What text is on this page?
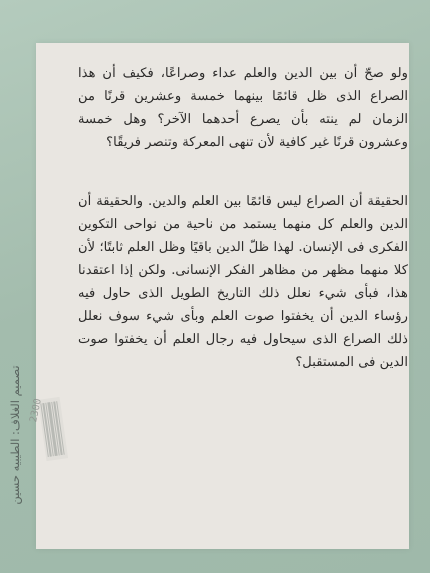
ولو صحّ أن بين الدين والعلم عداء وصراعًا، فكيف أن هذا الصراع الذى ظل قائمًا بينهما خمسة وعشرين قرنًا من الزمان لم ينته بأن يصرع أحدهما الآخر؟ وهل خمسة وعشرون قرنًا غير كافية لأن تنهى المعركة وتنصر فريقًا؟

الحقيقة أن الصراع ليس قائمًا بين العلم والدين. والحقيقة أن الدين والعلم كل منهما يستمد من ناحية من نواحى التكوين الفكرى فى الإنسان. لهذا ظلّ الدين باقيًا وظل العلم ثابتًا؛ لأن كلا منهما مظهر من مظاهر الفكر الإنسانى. ولكن إذا اعتقدنا هذا، فبأى شيء نعلل ذلك التاريخ الطويل الذى حاول فيه رؤساء الدين أن يخفتوا صوت العلم وبأى شيء سوف نعلل ذلك الصراع الذى سيحاول فيه رجال العلم أن يخفتوا صوت الدين فى المستقبل؟

تصميم الغلاف: الطيبيه حسين 2300
